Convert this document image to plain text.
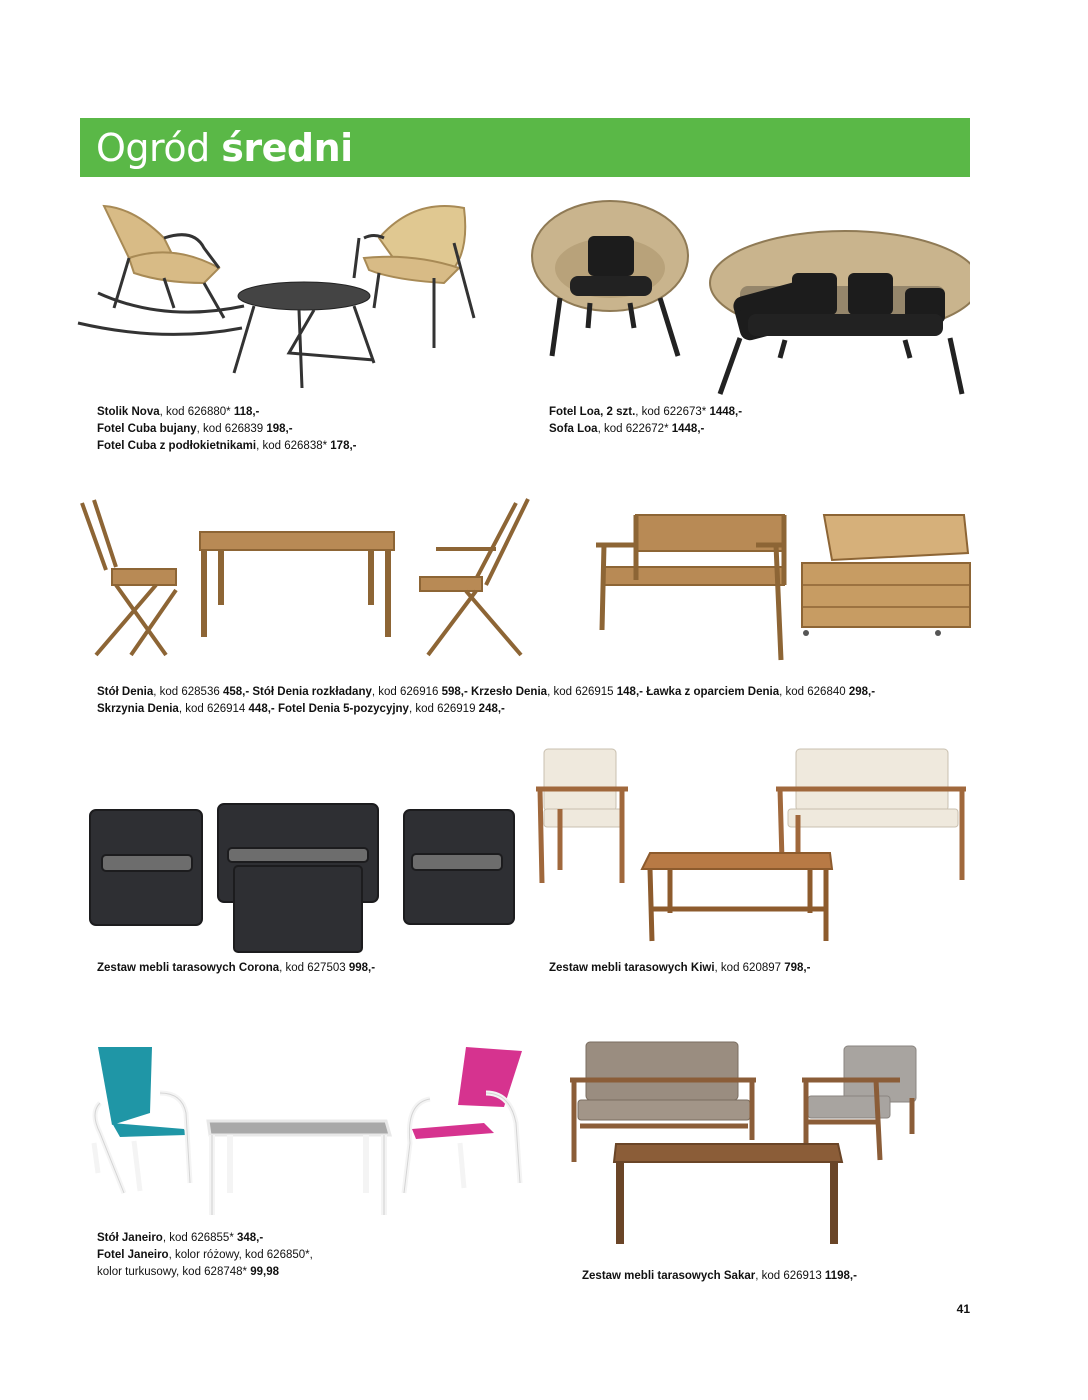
Ogród średni
Stolik Nova, kod 626880* 118,-
Fotel Cuba bujany, kod 626839 198,-
Fotel Cuba z podłokietnikami, kod 626838* 178,-
Fotel Loa, 2 szt., kod 622673* 1448,-
Sofa Loa, kod 622672* 1448,-
Stół Denia, kod 628536 458,- Stół Denia rozkładany, kod 626916 598,- Krzesło Denia, kod 626915 148,- Ławka z oparciem Denia, kod 626840 298,-
Skrzynia Denia, kod 626914 448,- Fotel Denia 5-pozycyjny, kod 626919 248,-
Zestaw mebli tarasowych Corona, kod 627503 998,-	Zestaw mebli tarasowych Kiwi, kod 620897 798,-
Stół Janeiro, kod 626855* 348,-
Fotel Janeiro, kolor różowy, kod 626850*,
kolor turkusowy, kod 628748* 99,98	Zestaw mebli tarasowych Sakar, kod 626913 1198,-
41
